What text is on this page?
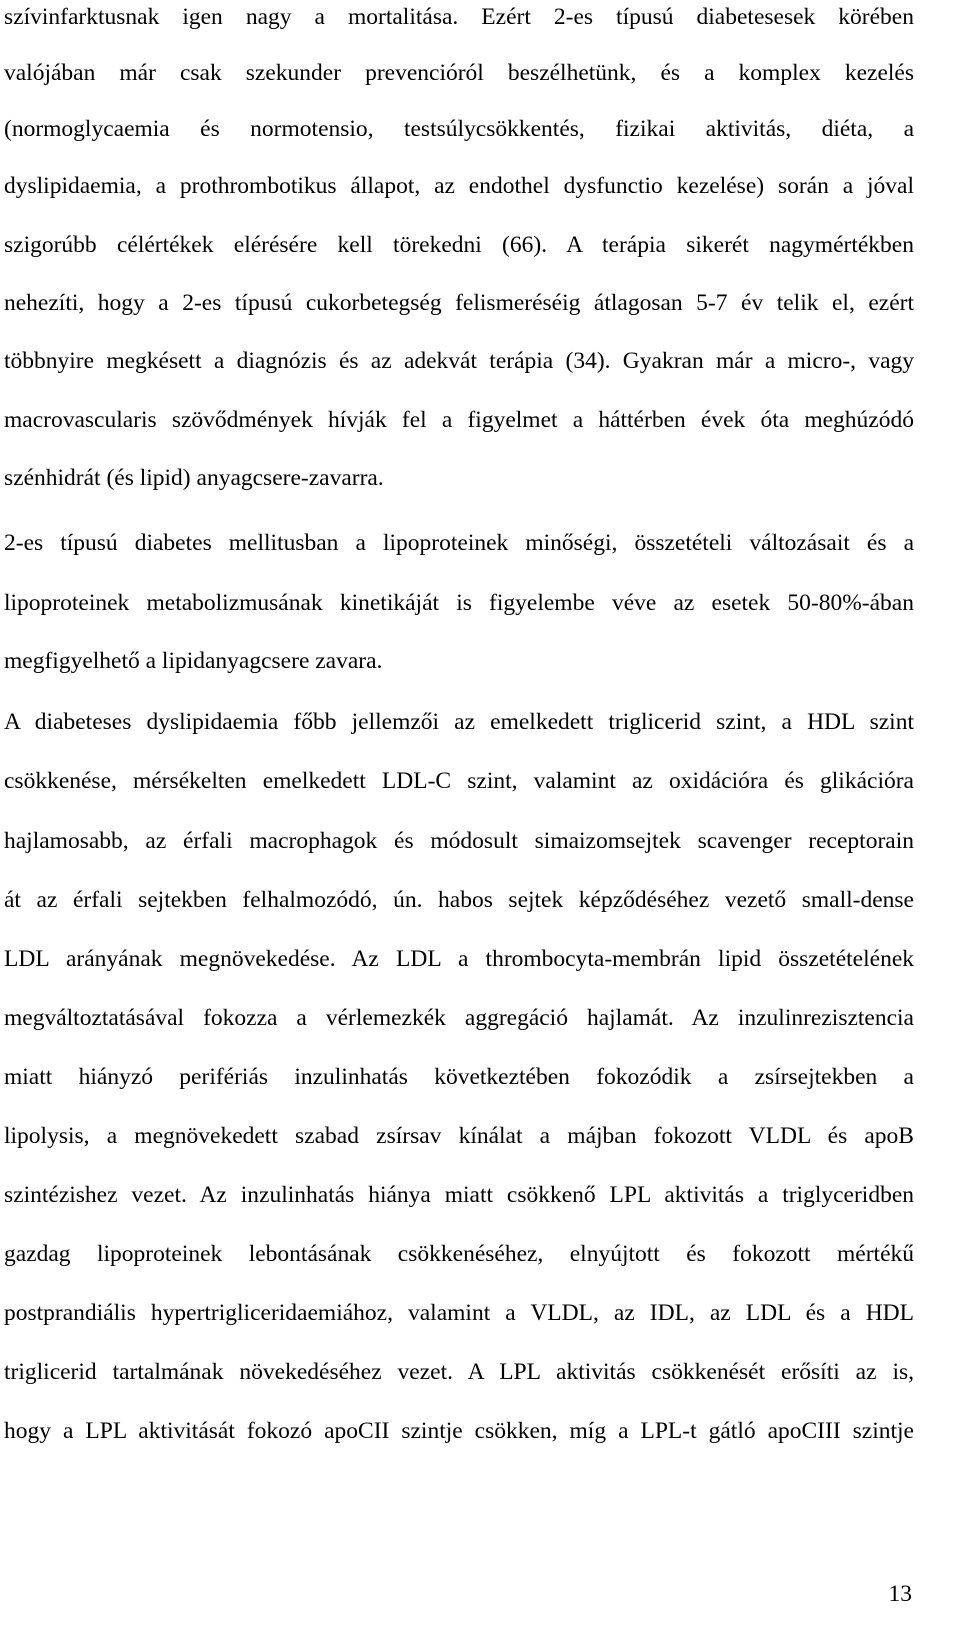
szívinfarktusnak igen nagy a mortalitása. Ezért 2-es típusú diabetesesek körében

valójában már csak szekunder prevencióról beszélhetünk, és a komplex kezelés

(normoglycaemia és normotensio, testsúlycsökkentés, fizikai aktivitás, diéta, a

dyslipidaemia, a prothrombotikus állapot, az endothel dysfunctio kezelése) során a jóval

szigorúbb célértékek elérésére kell törekedni (66). A terápia sikerét nagymértékben

nehezíti, hogy a 2-es típusú cukorbetegség felismeréséig átlagosan 5-7 év telik el, ezért

többnyire megkésett a diagnózis és az adekvát terápia (34). Gyakran már a micro-, vagy

macrovascularis szövődmények hívják fel a figyelmet a háttérben évek óta meghúzódó

szénhidrát (és lipid) anyagcsere-zavarra.

2-es típusú diabetes mellitusban a lipoproteinek minőségi, összetételi változásait és a

lipoproteinek metabolizmusának kinetikáját is figyelembe véve az esetek 50-80%-ában

megfigyelhető a lipidanyagcsere zavara.

A diabeteses dyslipidaemia főbb jellemzői az emelkedett triglicerid szint, a HDL szint

csökkenése, mérsékelten emelkedett LDL-C szint, valamint az oxidációra és glikációra

hajlamosabb, az érfali macrophagok és módosult simaizomsejtek scavenger receptorain

át az érfali sejtekben felhalmozódó, ún. habos sejtek képződéséhez vezető small-dense

LDL arányának megnövekedése. Az LDL a thrombocyta-membrán lipid összetételének

megváltoztatásával fokozza a vérlemezkék aggregáció hajlamát. Az inzulinrezisztencia

miatt hiányzó perifériás inzulinhatás következtében fokozódik a zsírsejtekben a

lipolysis, a megnövekedett szabad zsírsav kínálat a májban fokozott VLDL és apoB

szintézishez vezet. Az inzulinhatás hiánya miatt csökkenő LPL aktivitás a triglyceridben

gazdag lipoproteinek lebontásának csökkenéséhez, elnyújtott és fokozott mértékű

postprandiális hypertrigliceridaemiához, valamint a VLDL, az IDL, az LDL és a HDL

triglicerid tartalmának növekedéséhez vezet. A LPL aktivitás csökkenését erősíti az is,

hogy a LPL aktivitását fokozó apoCII szintje csökken, míg a LPL-t gátló apoCIII szintje

13
